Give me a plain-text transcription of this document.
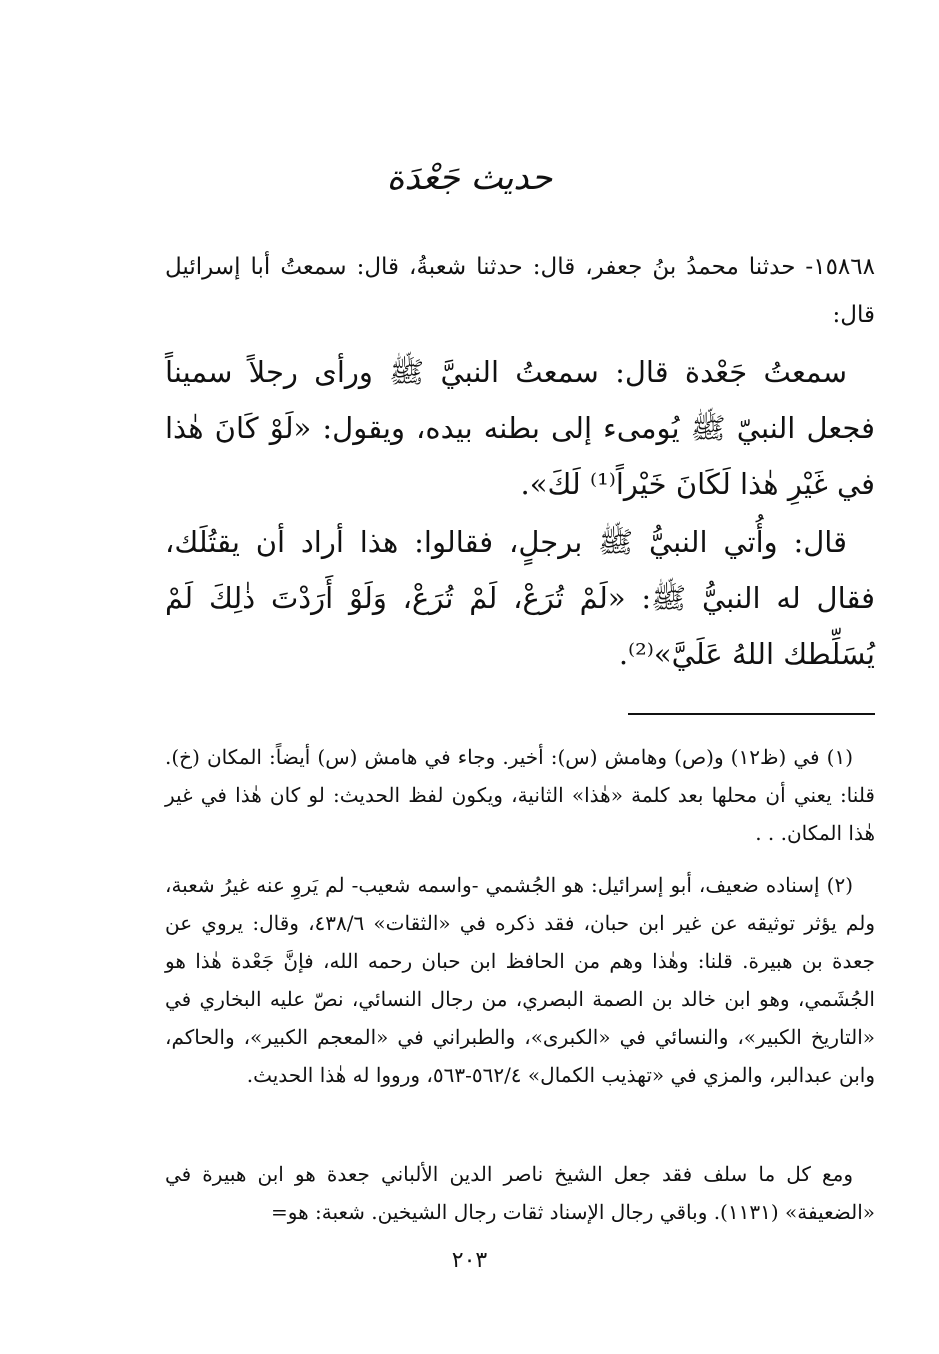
حديث جَعْدَة
١٥٨٦٨- حدثنا محمدُ بنُ جعفر، قال: حدثنا شعبةُ، قال: سمعتُ أبا إسرائيل قال:
سمعتُ جَعْدة قال: سمعتُ النبيَّ ﷺ ورأى رجلاً سميناً فجعل النبيّ ﷺ يُومىء إلى بطنه بيده، ويقول: «لَوْ كَانَ هٰذا في غَيْرِ هٰذا لَكَانَ خَيْراً⁽¹⁾ لَكَ».
قال: وأُتي النبيُّ ﷺ برجلٍ، فقالوا: هذا أراد أن يقتُلَك، فقال له النبيُّ ﷺ: «لَمْ تُرَعْ، لَمْ تُرَعْ، وَلَوْ أَرَدْتَ ذٰلِكَ لَمْ يُسَلِّطك اللهُ عَلَيَّ»⁽²⁾.
(١) في (ظ١٢) و(ص) وهامش (س): أخير. وجاء في هامش (س) أيضاً: المكان (خ). قلنا: يعني أن محلها بعد كلمة «هٰذا» الثانية، ويكون لفظ الحديث: لو كان هٰذا في غير هٰذا المكان. . .
(٢) إسناده ضعيف، أبو إسرائيل: هو الجُشمي -واسمه شعيب- لم يَروِ عنه غيرُ شعبة، ولم يؤثر توثيقه عن غير ابن حبان، فقد ذكره في «الثقات» ٤٣٨/٦، وقال: يروي عن جعدة بن هبيرة. قلنا: وهٰذا وهم من الحافظ ابن حبان رحمه الله، فإنَّ جَعْدة هٰذا هو الجُشَمي، وهو ابن خالد بن الصمة البصري، من رجال النسائي، نصّ عليه البخاري في «التاريخ الكبير»، والنسائي في «الكبرى»، والطبراني في «المعجم الكبير»، والحاكم، وابن عبدالبر، والمزي في «تهذيب الكمال» ٥٦٢/٤-٥٦٣، ورووا له هٰذا الحديث.
ومع كل ما سلف فقد جعل الشيخ ناصر الدين الألباني جعدة هو ابن هبيرة في «الضعيفة» (١١٣١). وباقي رجال الإسناد ثقات رجال الشيخين. شعبة: هو=
٢٠٣
